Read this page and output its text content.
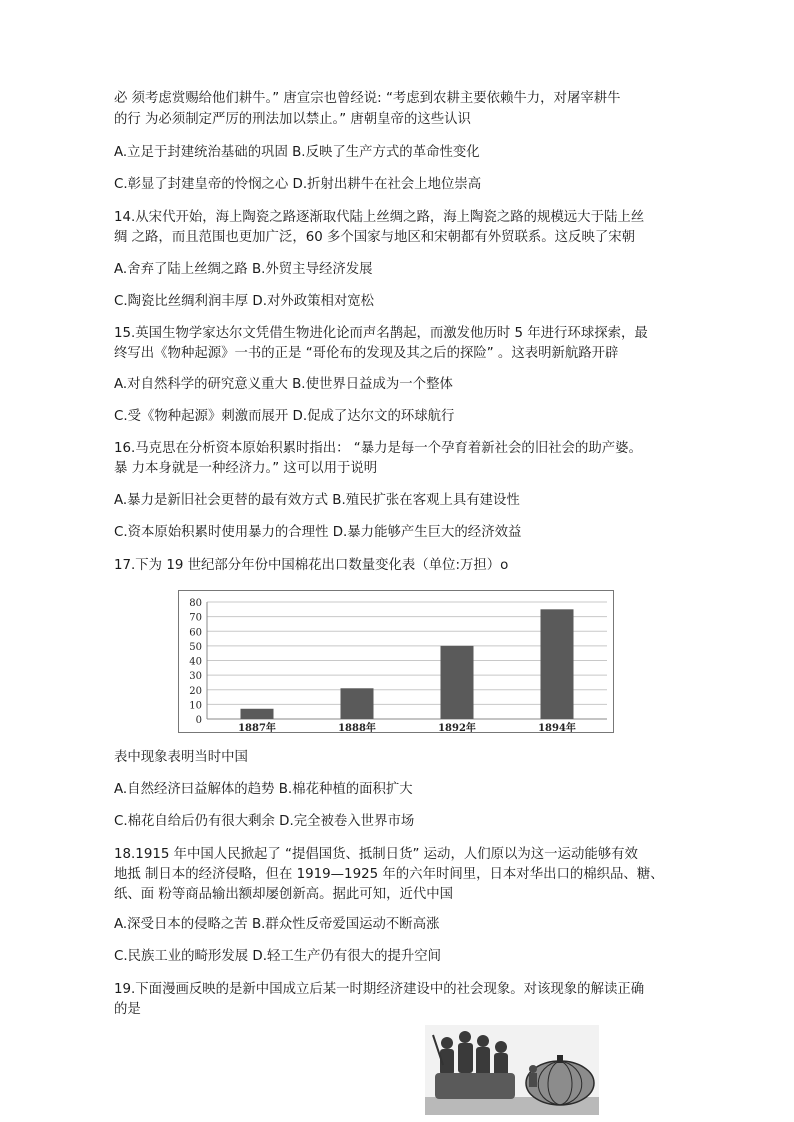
必 须考虑赏赐给他们耕牛。” 唐宣宗也曾经说: “考虑到农耕主要依赖牛力，对屠宰耕牛
的行 为必须制定严厉的刑法加以禁止。” 唐朝皇帝的这些认识
A.立足于封建统治基础的巩固 B.反映了生产方式的革命性变化
C.彰显了封建皇帝的怜悯之心 D.折射出耕牛在社会上地位崇高
14.从宋代开始，海上陶瓷之路逐渐取代陆上丝绸之路，海上陶瓷之路的规模远大于陆上丝
绸 之路，而且范围也更加广泛，60 多个国家与地区和宋朝都有外贸联系。这反映了宋朝
A.舍弃了陆上丝绸之路 B.外贸主导经济发展
C.陶瓷比丝绸利润丰厚 D.对外政策相对宽松
15.英国生物学家达尔文凭借生物进化论而声名鹊起，而激发他历时 5 年进行环球探索，最
终写出《物种起源》一书的正是 “哥伦布的发现及其之后的探险” 。这表明新航路开辟
A.对自然科学的研究意义重大 B.使世界日益成为一个整体
C.受《物种起源》刺激而展开 D.促成了达尔文的环球航行
16.马克思在分析资本原始积累时指出： “暴力是每一个孕育着新社会的旧社会的助产婆。
暴 力本身就是一种经济力。” 这可以用于说明
A.暴力是新旧社会更替的最有效方式 B.殖民扩张在客观上具有建设性
C.资本原始积累时使用暴力的合理性 D.暴力能够产生巨大的经济效益
17.下为 19 世纪部分年份中国棉花出口数量变化表（单位:万担）o
0
10
20
30
40
50
60
70
80
1887年	1888年	1892年	1894年
表中现象表明当时中国
A.自然经济曰益解体的趋势 B.棉花种植的面积扩大
C.棉花自给后仍有很大剩余 D.完全被卷入世界市场
18.1915 年中国人民掀起了 “提倡国货、抵制日货” 运动，人们原以为这一运动能够有效
地抵 制日本的经济侵略，但在 1919—1925 年的六年时间里，日本对华出口的棉织品、糖、
纸、面 粉等商品输出额却屡创新高。据此可知，近代中国
A.深受日本的侵略之苦 B.群众性反帝爱国运动不断高涨
C.民族工业的畸形发展 D.轻工生产仍有很大的提升空间
19.下面漫画反映的是新中国成立后某一时期经济建设中的社会现象。对该现象的解读正确
的是
